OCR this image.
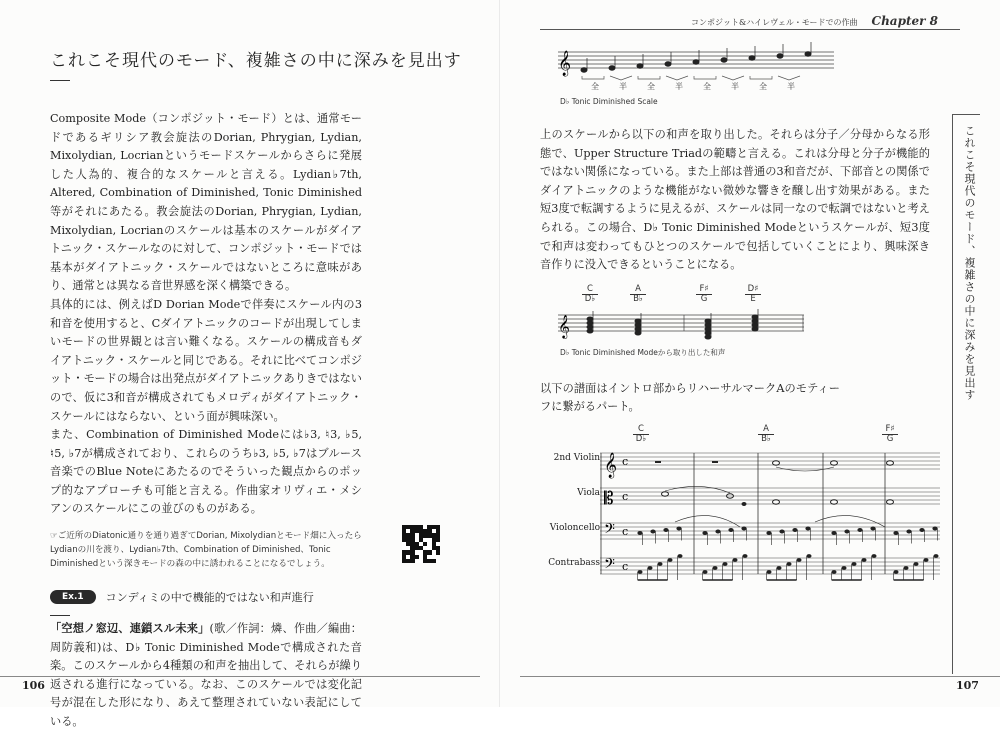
これこそ現代のモード、複雑さの中に深みを見出す

Composite Mode（コンポジット・モード）とは、通常モードであるギリシア教会旋法のDorian, Phrygian, Lydian, Mixolydian, Locrianというモードスケールからさらに発展した人為的、複合的なスケールと言える。Lydian♭7th, Altered, Combination of Diminished, Tonic Diminished等がそれにあたる。教会旋法のDorian, Phrygian, Lydian, Mixolydian, Locrianのスケールは基本のスケールがダイアトニック・スケールなのに対して、コンポジット・モードでは基本がダイアトニック・スケールではないところに意味があり、通常とは異なる音世界感を深く構築できる。

具体的には、例えばD Dorian Modeで伴奏にスケール内の3和音を使用すると、Cダイアトニックのコードが出現してしまいモードの世界観とは言い難くなる。スケールの構成音もダイアトニック・スケールと同じである。それに比べてコンポジット・モードの場合は出発点がダイアトニックありきではないので、仮に3和音が構成されてもメロディがダイアトニック・スケールにはならない、という面が興味深い。

また、Combination of Diminished Modeには♭3, ♮3, ♭5, ♮5, ♭7が構成されており、これらのうち♭3, ♭5, ♭7はブルース音楽でのBlue Noteにあたるのでそういった観点からのポップ的なアプローチも可能と言える。作曲家オリヴィエ・メシアンのスケールにこの並びのものがある。

☞ご近所のDiatonic通りを通り過ぎてDorian, Mixolydianとモード畑に入ったらLydianの川を渡り、Lydian♭7th、Combination of Diminished、Tonic Diminishedという深きモードの森の中に誘われることになるでしょう。

Ex.1	コンディミの中で機能的ではない和声進行
「空想ノ窓辺、連鎖スル未来」(歌／作詞：燐、作曲／編曲：周防義和)は、D♭ Tonic Diminished Modeで構成された音楽。このスケールから4種類の和声を抽出して、それらが繰り返される進行になっている。なお、このスケールでは変化記号が混在した形になり、あえて整理されていない表記にしている。
106
コンポジット&ハイレヴェル・モードでの作曲 Chapter 8
𝄞
全	半	全	半	全	半	全	半
D♭ Tonic Diminished Scale
上のスケールから以下の和声を取り出した。それらは分子／分母からなる形態で、Upper Structure Triadの範疇と言える。これは分母と分子が機能的ではない関係になっている。また上部は普通の3和音だが、下部音との関係でダイアトニックのような機能がない微妙な響きを醸し出す効果がある。また短3度で転調するように見えるが、スケールは同一なので転調ではないと考えられる。この場合、D♭ Tonic Diminished Modeというスケールが、短3度で和声は変わってもひとつのスケールで包括していくことにより、興味深き音作りに没入できるということになる。
C
D♭
A
B♭
F♯
G
D♯
E
𝄞
D♭ Tonic Diminished Modeから取り出した和声
以下の譜面はイントロ部からリハーサルマークAのモティーフに繋がるパート。
C
D♭
A
B♭
F♯
G
2nd Violin
Viola
Violoncello
Contrabass
𝄞 c
𝄡 c
𝄢 c
𝄢 c
これこそ現代のモード、複雑さの中に深みを見出す
107
